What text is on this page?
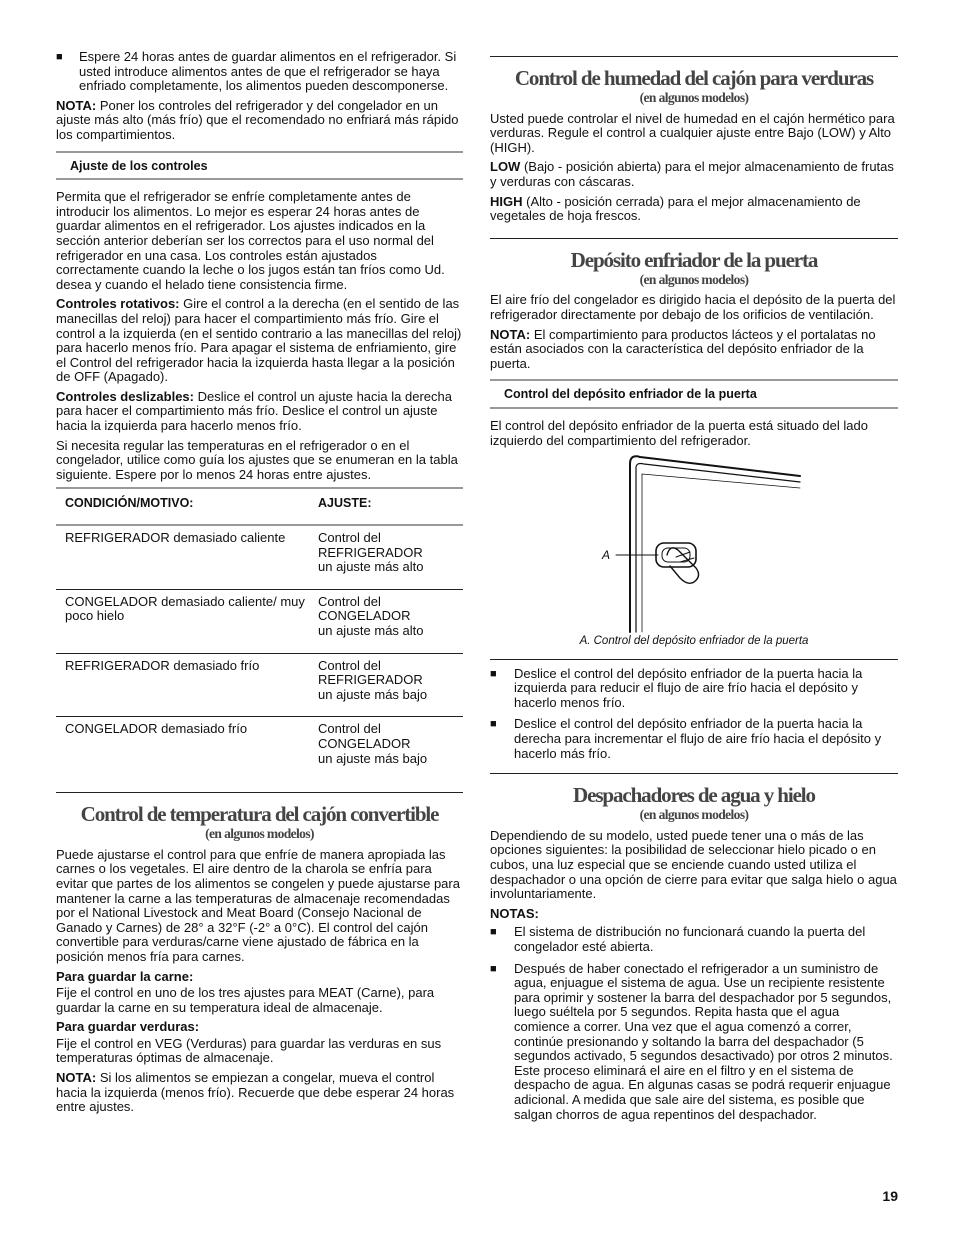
■ Espere 24 horas antes de guardar alimentos en el refrigerador. Si usted introduce alimentos antes de que el refrigerador se haya enfriado completamente, los alimentos pueden descomponerse.

NOTA: Poner los controles del refrigerador y del congelador en un ajuste más alto (más frío) que el recomendado no enfriará más rápido los compartimientos.

Ajuste de los controles

Permita que el refrigerador se enfríe completamente antes de introducir los alimentos. Lo mejor es esperar 24 horas antes de guardar alimentos en el refrigerador. Los ajustes indicados en la sección anterior deberían ser los correctos para el uso normal del refrigerador en una casa. Los controles están ajustados correctamente cuando la leche o los jugos están tan fríos como Ud. desea y cuando el helado tiene consistencia firme.

Controles rotativos: Gire el control a la derecha (en el sentido de las manecillas del reloj) para hacer el compartimiento más frío. Gire el control a la izquierda (en el sentido contrario a las manecillas del reloj) para hacerlo menos frío. Para apagar el sistema de enfriamiento, gire el Control del refrigerador hacia la izquierda hasta llegar a la posición de OFF (Apagado).

Controles deslizables: Deslice el control un ajuste hacia la derecha para hacer el compartimiento más frío. Deslice el control un ajuste hacia la izquierda para hacerlo menos frío.

Si necesita regular las temperaturas en el refrigerador o en el congelador, utilice como guía los ajustes que se enumeran en la tabla siguiente. Espere por lo menos 24 horas entre ajustes.

CONDICIÓN/MOTIVO:	AJUSTE:
REFRIGERADOR demasiado caliente	Control del
REFRIGERADOR
un ajuste más alto
CONGELADOR demasiado caliente/ muy poco hielo	Control del
CONGELADOR
un ajuste más alto
REFRIGERADOR demasiado frío	Control del
REFRIGERADOR
un ajuste más bajo
CONGELADOR demasiado frío	Control del
CONGELADOR
un ajuste más bajo
Control de temperatura del cajón convertible
(en algunos modelos)

Puede ajustarse el control para que enfríe de manera apropiada las carnes o los vegetales. El aire dentro de la charola se enfría para evitar que partes de los alimentos se congelen y puede ajustarse para mantener la carne a las temperaturas de almacenaje recomendadas por el National Livestock and Meat Board (Consejo Nacional de Ganado y Carnes) de 28° a 32°F (-2° a 0°C). El control del cajón convertible para verduras/carne viene ajustado de fábrica en la posición menos fría para carnes.

Para guardar la carne:

Fije el control en uno de los tres ajustes para MEAT (Carne), para guardar la carne en su temperatura ideal de almacenaje.

Para guardar verduras:

Fije el control en VEG (Verduras) para guardar las verduras en sus temperaturas óptimas de almacenaje.

NOTA: Si los alimentos se empiezan a congelar, mueva el control hacia la izquierda (menos frío). Recuerde que debe esperar 24 horas entre ajustes.

Control de humedad del cajón para verduras
(en algunos modelos)

Usted puede controlar el nivel de humedad en el cajón hermético para verduras. Regule el control a cualquier ajuste entre Bajo (LOW) y Alto (HIGH).

LOW (Bajo - posición abierta) para el mejor almacenamiento de frutas y verduras con cáscaras.

HIGH (Alto - posición cerrada) para el mejor almacenamiento de vegetales de hoja frescos.

Depósito enfriador de la puerta
(en algunos modelos)

El aire frío del congelador es dirigido hacia el depósito de la puerta del refrigerador directamente por debajo de los orificios de ventilación.

NOTA: El compartimiento para productos lácteos y el portalatas no están asociados con la característica del depósito enfriador de la puerta.

Control del depósito enfriador de la puerta

El control del depósito enfriador de la puerta está situado del lado izquierdo del compartimiento del refrigerador.

A

A. Control del depósito enfriador de la puerta

■ Deslice el control del depósito enfriador de la puerta hacia la izquierda para reducir el flujo de aire frío hacia el depósito y hacerlo menos frío.

■ Deslice el control del depósito enfriador de la puerta hacia la derecha para incrementar el flujo de aire frío hacia el depósito y hacerlo más frío.

Despachadores de agua y hielo
(en algunos modelos)

Dependiendo de su modelo, usted puede tener una o más de las opciones siguientes: la posibilidad de seleccionar hielo picado o en cubos, una luz especial que se enciende cuando usted utiliza el despachador o una opción de cierre para evitar que salga hielo o agua involuntariamente.

NOTAS:

■ El sistema de distribución no funcionará cuando la puerta del congelador esté abierta.

■ Después de haber conectado el refrigerador a un suministro de agua, enjuague el sistema de agua. Use un recipiente resistente para oprimir y sostener la barra del despachador por 5 segundos, luego suéltela por 5 segundos. Repita hasta que el agua comience a correr. Una vez que el agua comenzó a correr, continúe presionando y soltando la barra del despachador (5 segundos activado, 5 segundos desactivado) por otros 2 minutos. Este proceso eliminará el aire en el filtro y en el sistema de despacho de agua. En algunas casas se podrá requerir enjuague adicional. A medida que sale aire del sistema, es posible que salgan chorros de agua repentinos del despachador.

19
